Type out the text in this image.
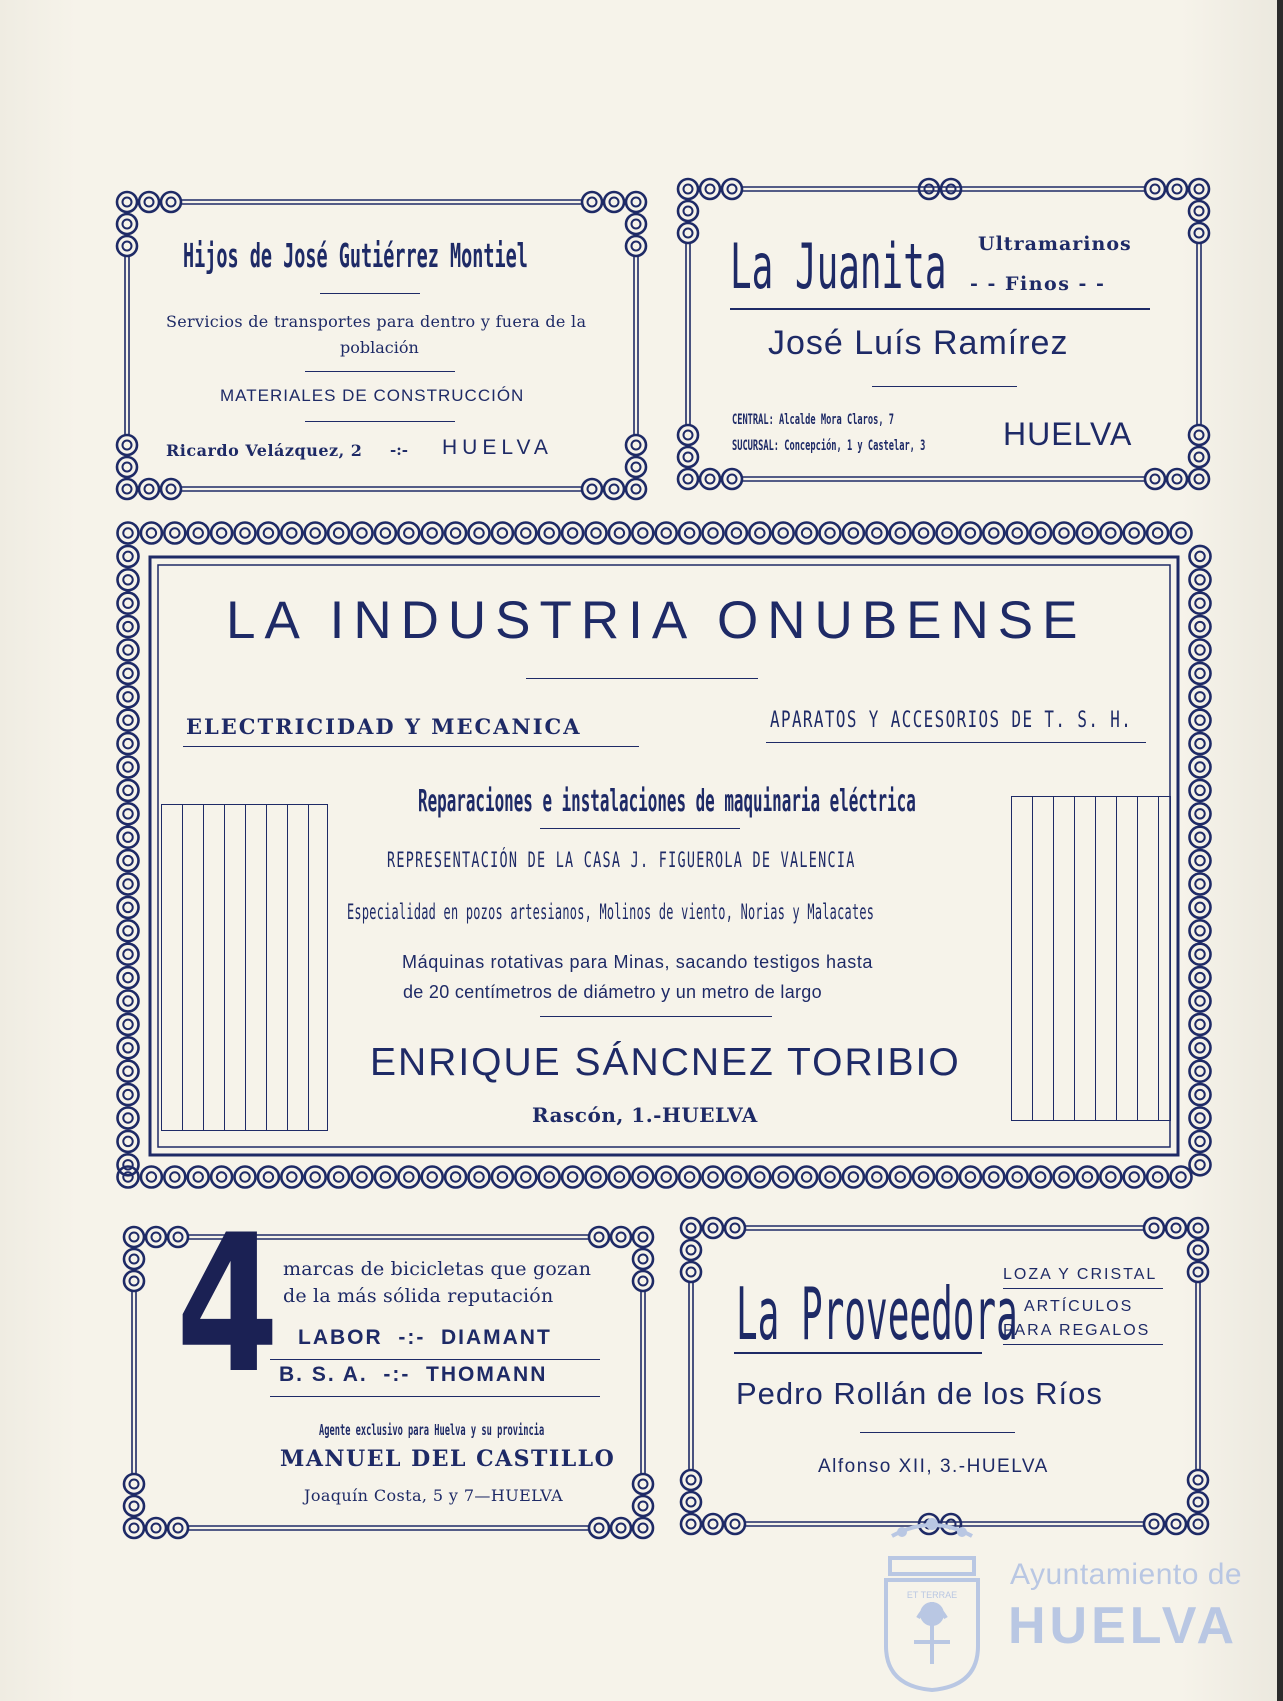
Hijos de José Gutiérrez Montiel
Servicios de transportes para dentro y fuera de la
población
MATERIALES DE CONSTRUCCIÓN
Ricardo Velázquez, 2 -:- HUELVA
La Juanita Ultramarinos
- - Finos - -
José Luís Ramírez
CENTRAL: Alcalde Mora Claros, 7
SUCURSAL: Concepción, 1 y Castelar, 3 HUELVA
LA INDUSTRIA ONUBENSE
ELECTRICIDAD Y MECANICA	APARATOS Y ACCESORIOS DE T. S. H.
Reparaciones e instalaciones de maquinaria eléctrica
REPRESENTACIÓN DE LA CASA J. FIGUEROLA DE VALENCIA
Especialidad en pozos artesianos, Molinos de viento, Norias y Malacates
Máquinas rotativas para Minas, sacando testigos hasta
de 20 centímetros de diámetro y un metro de largo
ENRIQUE SÁNCNEZ TORIBIO
Rascón, 1.-HUELVA
4 marcas de bicicletas que gozan
de la más sólida reputación
LABOR  -:-  DIAMANT
B. S. A.  -:-  THOMANN
Agente exclusivo para Huelva y su provincia
MANUEL DEL CASTILLO
Joaquín Costa, 5 y 7—HUELVA
La Proveedora
LOZA Y CRISTAL
ARTÍCULOS
PARA REGALOS
Pedro Rollán de los Ríos
Alfonso XII, 3.-HUELVA
ET TERRAE
Ayuntamiento de
HUELVA
